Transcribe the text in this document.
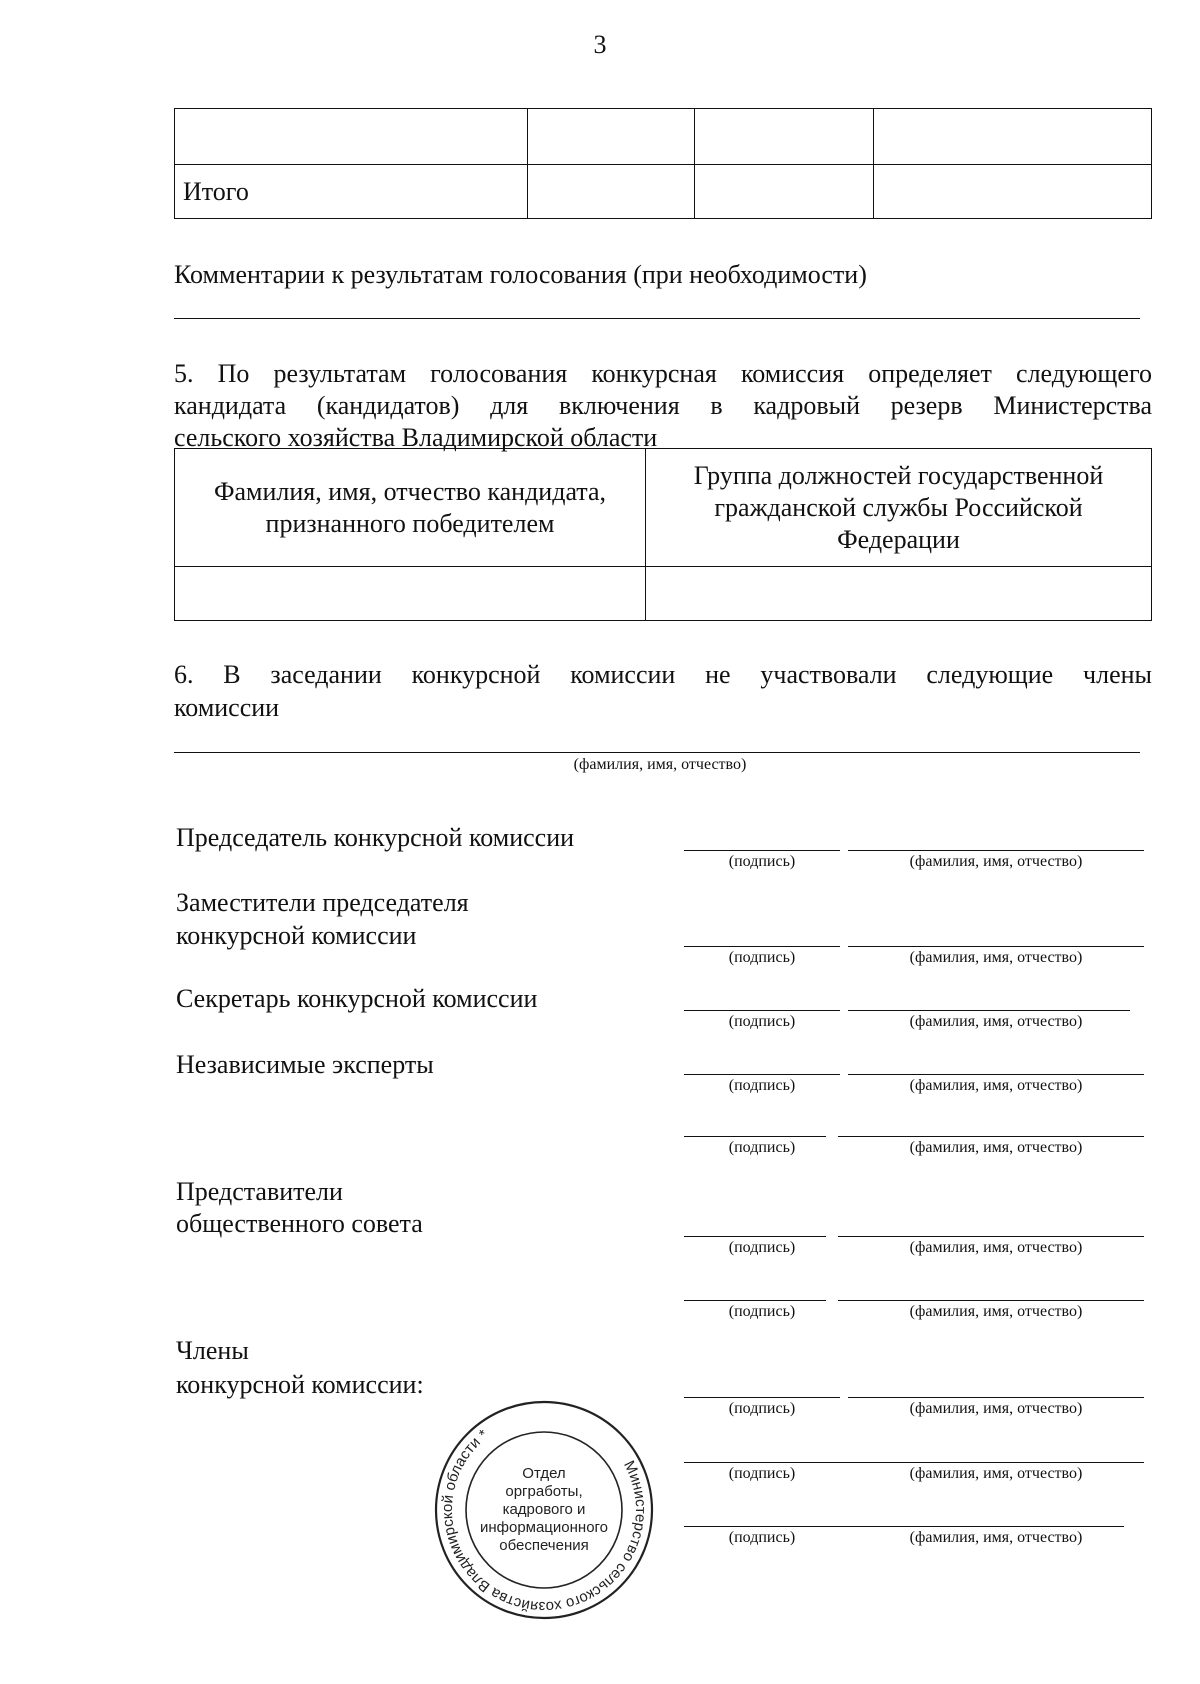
3

Итого			
Комментарии к результатам голосования (при необходимости)
5. По результатам голосования конкурсная комиссия определяет следующего
кандидата (кандидатов) для включения в кадровый резерв Министерства
сельского хозяйства Владимирской области
Фамилия, имя, отчество кандидата, признанного победителем	Группа должностей государственной гражданской службы Российской Федерации

6. В заседании конкурсной комиссии не участвовали следующие члены
комиссии
(фамилия, имя, отчество)
Председатель конкурсной комиссии
Заместители председателя
конкурсной комиссии
Секретарь конкурсной комиссии
Независимые эксперты
Представители
общественного совета
Члены
конкурсной комиссии:
(подпись)	(фамилия, имя, отчество)
(подпись)	(фамилия, имя, отчество)
(подпись)	(фамилия, имя, отчество)
(подпись)	(фамилия, имя, отчество)
(подпись)	(фамилия, имя, отчество)
(подпись)	(фамилия, имя, отчество)
(подпись)	(фамилия, имя, отчество)
(подпись)	(фамилия, имя, отчество)
(подпись)	(фамилия, имя, отчество)
(подпись)	(фамилия, имя, отчество)
Министерство сельского хозяйства Владимирской области *
Отдел
оргработы,
кадрового и
информационного
обеспечения
